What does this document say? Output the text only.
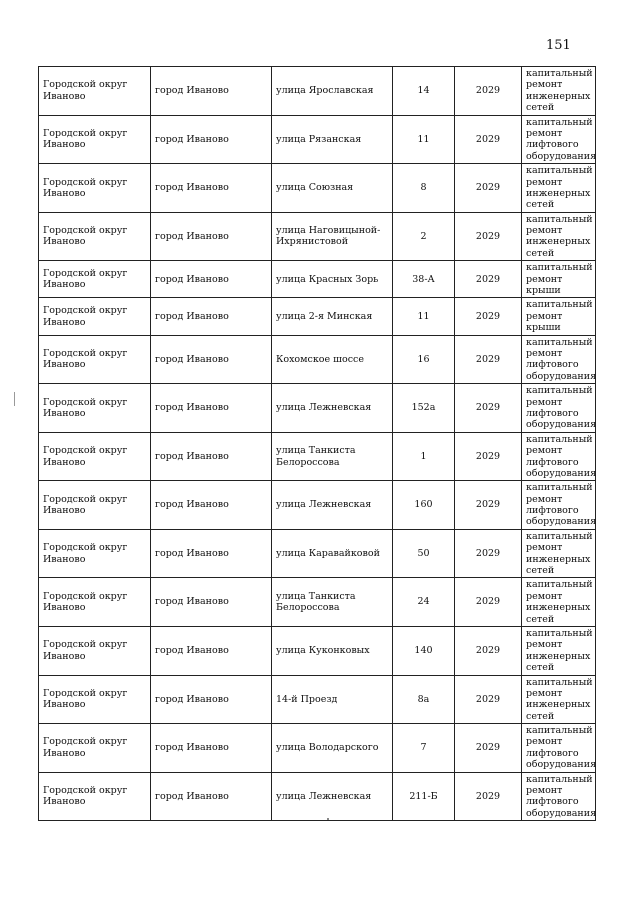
151
Городской округ Иваново	город Иваново	улица Ярославская	14	2029	капитальный ремонт инженерных сетей
Городской округ Иваново	город Иваново	улица Рязанская	11	2029	капитальный ремонт лифтового оборудования
Городской округ Иваново	город Иваново	улица Союзная	8	2029	капитальный ремонт инженерных сетей
Городской округ Иваново	город Иваново	улица Наговицыной-Ихрянистовой	2	2029	капитальный ремонт инженерных сетей
Городской округ Иваново	город Иваново	улица Красных Зорь	38-А	2029	капитальный ремонт крыши
Городской округ Иваново	город Иваново	улица 2-я Минская	11	2029	капитальный ремонт крыши
Городской округ Иваново	город Иваново	Кохомское шоссе	16	2029	капитальный ремонт лифтового оборудования
Городской округ Иваново	город Иваново	улица Лежневская	152а	2029	капитальный ремонт лифтового оборудования
Городской округ Иваново	город Иваново	улица Танкиста Белороссова	1	2029	капитальный ремонт лифтового оборудования
Городской округ Иваново	город Иваново	улица Лежневская	160	2029	капитальный ремонт лифтового оборудования
Городской округ Иваново	город Иваново	улица Каравайковой	50	2029	капитальный ремонт инженерных сетей
Городской округ Иваново	город Иваново	улица Танкиста Белороссова	24	2029	капитальный ремонт инженерных сетей
Городской округ Иваново	город Иваново	улица Куконковых	140	2029	капитальный ремонт инженерных сетей
Городской округ Иваново	город Иваново	14-й Проезд	8а	2029	капитальный ремонт инженерных сетей
Городской округ Иваново	город Иваново	улица Володарского	7	2029	капитальный ремонт лифтового оборудования
Городской округ Иваново	город Иваново	улица Лежневская	211-Б	2029	капитальный ремонт лифтового оборудования
